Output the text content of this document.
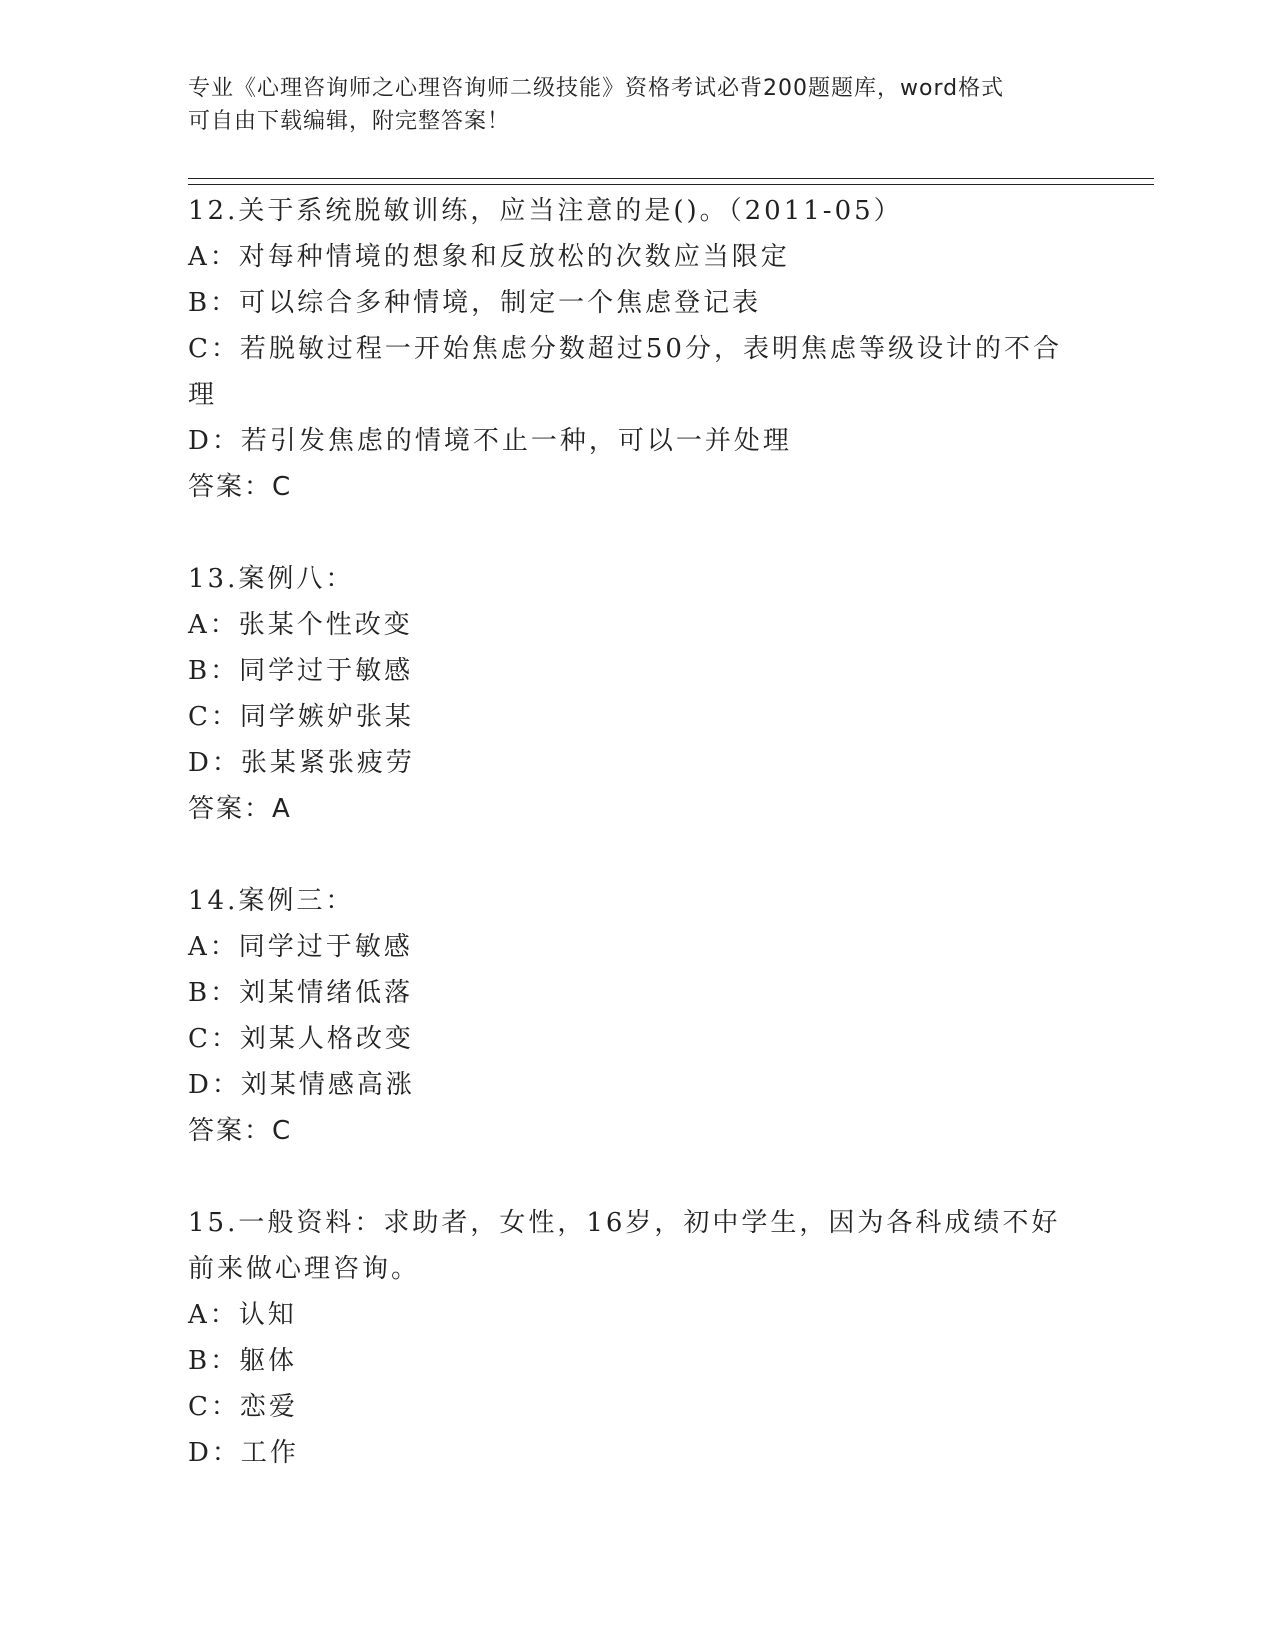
专业《心理咨询师之心理咨询师二级技能》资格考试必背200题题库，word格式
可自由下载编辑，附完整答案！
12.关于系统脱敏训练，应当注意的是()。（2011-05）
A：对每种情境的想象和反放松的次数应当限定
B：可以综合多种情境，制定一个焦虑登记表
C：若脱敏过程一开始焦虑分数超过50分，表明焦虑等级设计的不合理
D：若引发焦虑的情境不止一种，可以一并处理
答案：C
13.案例八：
A：张某个性改变
B：同学过于敏感
C：同学嫉妒张某
D：张某紧张疲劳
答案：A
14.案例三：
A：同学过于敏感
B：刘某情绪低落
C：刘某人格改变
D：刘某情感高涨
答案：C
15.一般资料：求助者，女性，16岁，初中学生，因为各科成绩不好前来做心理咨询。
A：认知
B：躯体
C：恋爱
D：工作
